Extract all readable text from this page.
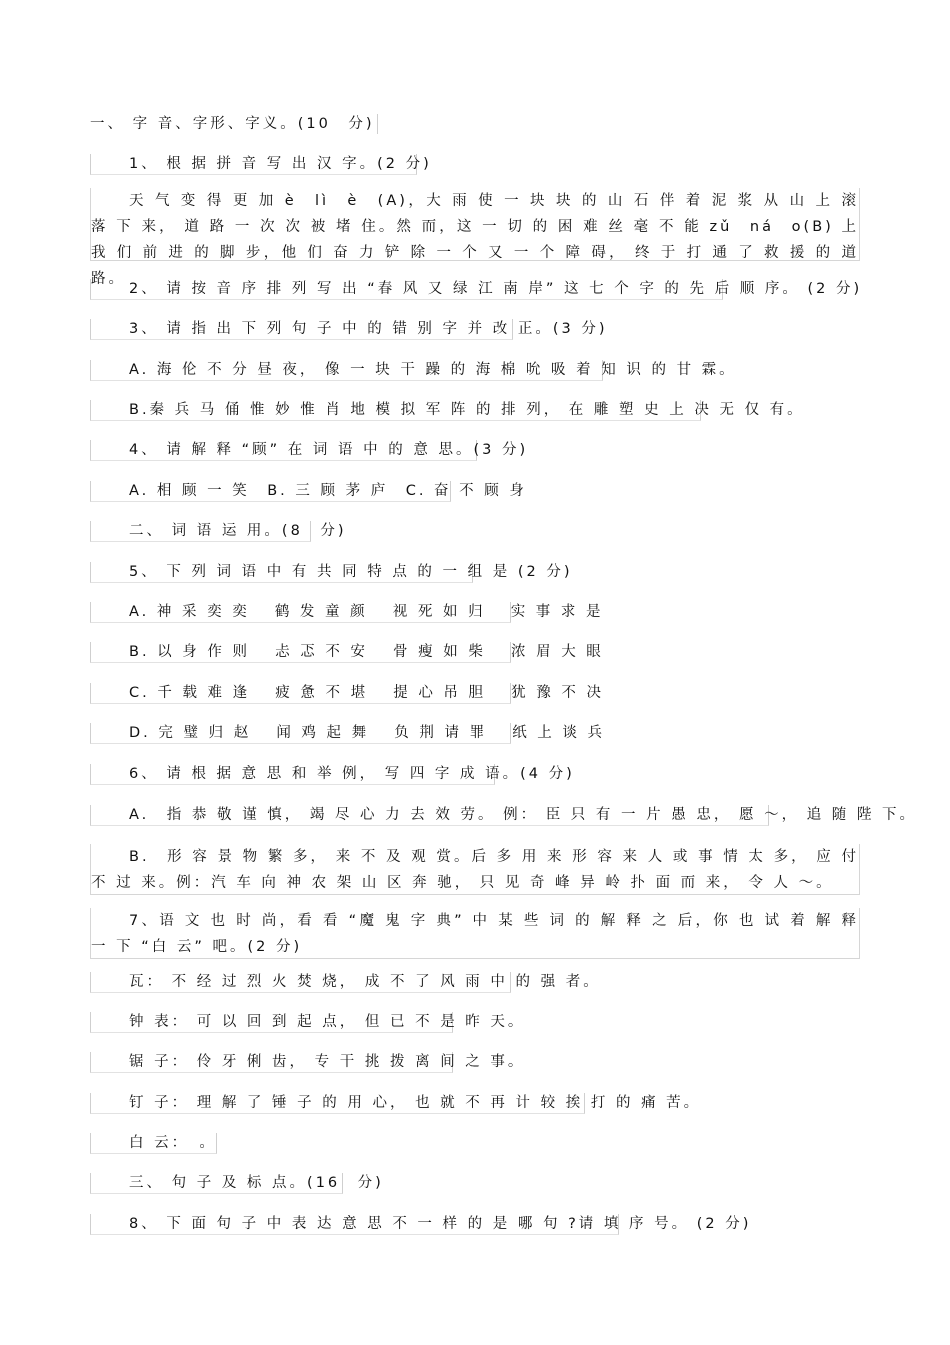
一、 字 音、字形、字义。(10　分)
1、 根 据 拼 音 写 出 汉 字。(2 分)
天 气 变 得 更 加 è　lì　è　(A)，大 雨 使 一 块 块 的 山 石 伴 着 泥 浆 从 山 上 滚 落 下 来， 道 路 一 次 次 被 堵 住。然 而，这 一 切 的 困 难 丝 毫 不 能 zǔ　ná　o(B) 上我 们 前 进 的 脚 步，他 们 奋 力 铲 除 一 个 又 一 个 障 碍， 终 于 打 通 了 救 援 的 道 路。
2、 请 按 音 序 排 列 写 出 “春 风 又 绿 江 南 岸” 这 七 个 字 的 先 后 顺 序。 (2 分)
3、 请 指 出 下 列 句 子 中 的 错 别 字 并 改 正。(3 分)
A. 海 伦 不 分 昼 夜， 像 一 块 干 躁 的 海 棉 吮 吸 着 知 识 的 甘 霖。
B.秦 兵 马 俑 惟 妙 惟 肖 地 模 拟 军 阵 的 排 列， 在 雕 塑 史 上 决 无 仅 有。
4、 请 解 释 “顾” 在 词 语 中 的 意 思。(3 分)
A. 相 顾 一 笑　B. 三 顾 茅 庐　C. 奋 不 顾 身
二、 词 语 运 用。(8　分)
5、 下 列 词 语 中 有 共 同 特 点 的 一 组 是 (2 分)
A. 神 采 奕 奕　 鹤 发 童 颜　 视 死 如 归　 实 事 求 是
B. 以 身 作 则　 忐 忑 不 安　 骨 瘦 如 柴　 浓 眉 大 眼
C. 千 载 难 逢　 疲 惫 不 堪　 提 心 吊 胆　 犹 豫 不 决
D. 完 璧 归 赵　 闻 鸡 起 舞　 负 荆 请 罪　 纸 上 谈 兵
6、 请 根 据 意 思 和 举 例， 写 四 字 成 语。(4 分)
A.　指 恭 敬 谨 慎， 竭 尽 心 力 去 效 劳。 例： 臣 只 有 一 片 愚 忠， 愿 ～， 追 随 陛 下。
B.　形 容 景 物 繁 多， 来 不 及 观 赏。后 多 用 来 形 容 来 人 或 事 情 太 多， 应 付 不 过 来。例：汽 车 向 神 农 架 山 区 奔 驰， 只 见 奇 峰 异 岭 扑 面 而 来， 令 人 ～。
7、语 文 也 时 尚，看 看 “魔 鬼 字 典” 中 某 些 词 的 解 释 之 后，你 也 试 着 解 释 一 下 “白 云” 吧。(2 分)
瓦： 不 经 过 烈 火 焚 烧， 成 不 了 风 雨 中 的 强 者。
钟 表： 可 以 回 到 起 点， 但 已 不 是 昨 天。
锯 子： 伶 牙 俐 齿， 专 干 挑 拨 离 间 之 事。
钉 子： 理 解 了 锤 子 的 用 心， 也 就 不 再 计 较 挨 打 的 痛 苦。
白 云：　。
三、 句 子 及 标 点。(16　分)
8、 下 面 句 子 中 表 达 意 思 不 一 样 的 是 哪 句 ?请 填 序 号。 (2 分)
